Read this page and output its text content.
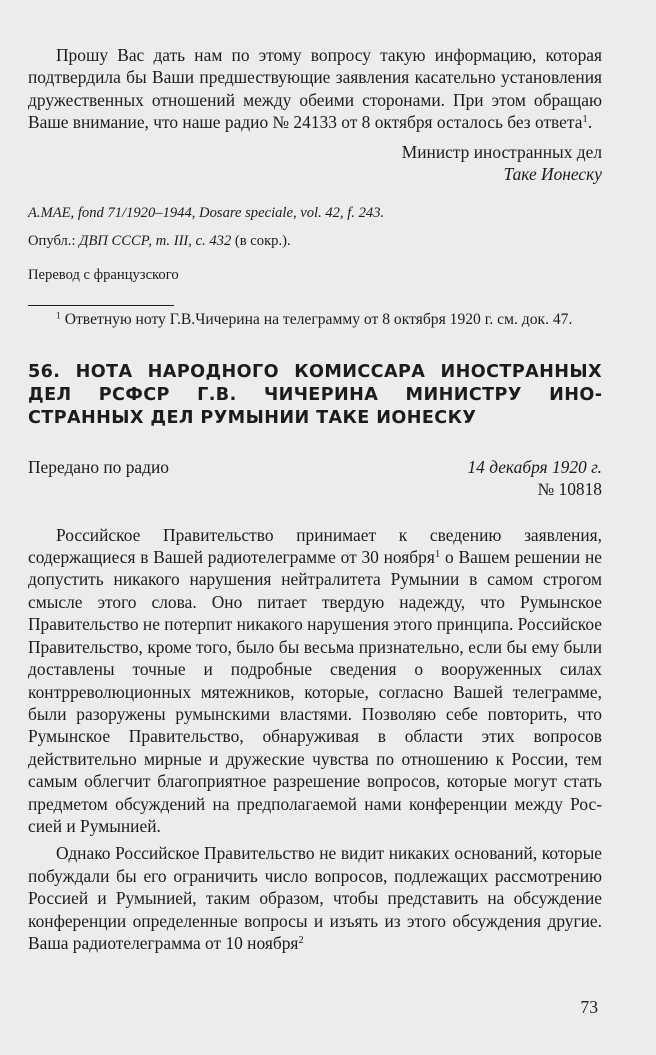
Прошу Вас дать нам по этому вопросу такую информацию, которая подтвердила бы Ваши предшествующие заявления касательно установления дружественных отношений между обеими сторонами. При этом обращаю Ваше внимание, что наше радио № 24133 от 8 октября осталось без ответа$^1$.

Министр иностранных дел
Таке Ионеску

A.MAE, fond 71/1920–1944, Dosare speciale, vol. 42, f. 243.

Опубл.: ДВП СССР, т. III, с. 432 (в сокр.).

Перевод с французского

$^1$ Ответную ноту Г.В.Чичерина на телеграмму от 8 октября 1920 г. см. док. 47.

56. НОТА НАРОДНОГО КОМИССАРА ИНОСТРАННЫХ ДЕЛ РСФСР Г.В. ЧИЧЕРИНА МИНИСТРУ ИНОСТРАННЫХ ДЕЛ РУМЫНИИ ТАКЕ ИОНЕСКУ
Передано по радио	14 декабря 1920 г.
№ 10818

Российское Правительство принимает к сведению заявления, содержащиеся в Вашей радиотелеграмме от 30 ноября$^1$ о Вашем решении не допустить никакого нарушения нейтралитета Румынии в самом строгом смысле этого слова. Оно питает твердую надежду, что Румынское Правительство не потерпит никакого нарушения этого принципа. Российское Правительство, кроме того, было бы весьма признательно, если бы ему были доставлены точные и подробные сведения о вооруженных силах контрреволюционных мятежников, которые, согласно Вашей телеграмме, были разоружены румынскими властями. Позволяю себе повторить, что Румынское Правительство, обнаруживая в области этих вопросов действительно мирные и дружеские чувства по отношению к России, тем самым облегчит благоприятное разрешение вопросов, которые могут стать предметом обсуждений на предполагаемой нами конференции между Россией и Румынией.

Однако Российское Правительство не видит никаких оснований, которые побуждали бы его ограничить число вопросов, подлежащих рассмотрению Россией и Румынией, таким образом, чтобы представить на обсуждение конференции определенные вопросы и изъять из этого обсуждения другие. Ваша радиотелеграмма от 10 ноября$^2$

73
